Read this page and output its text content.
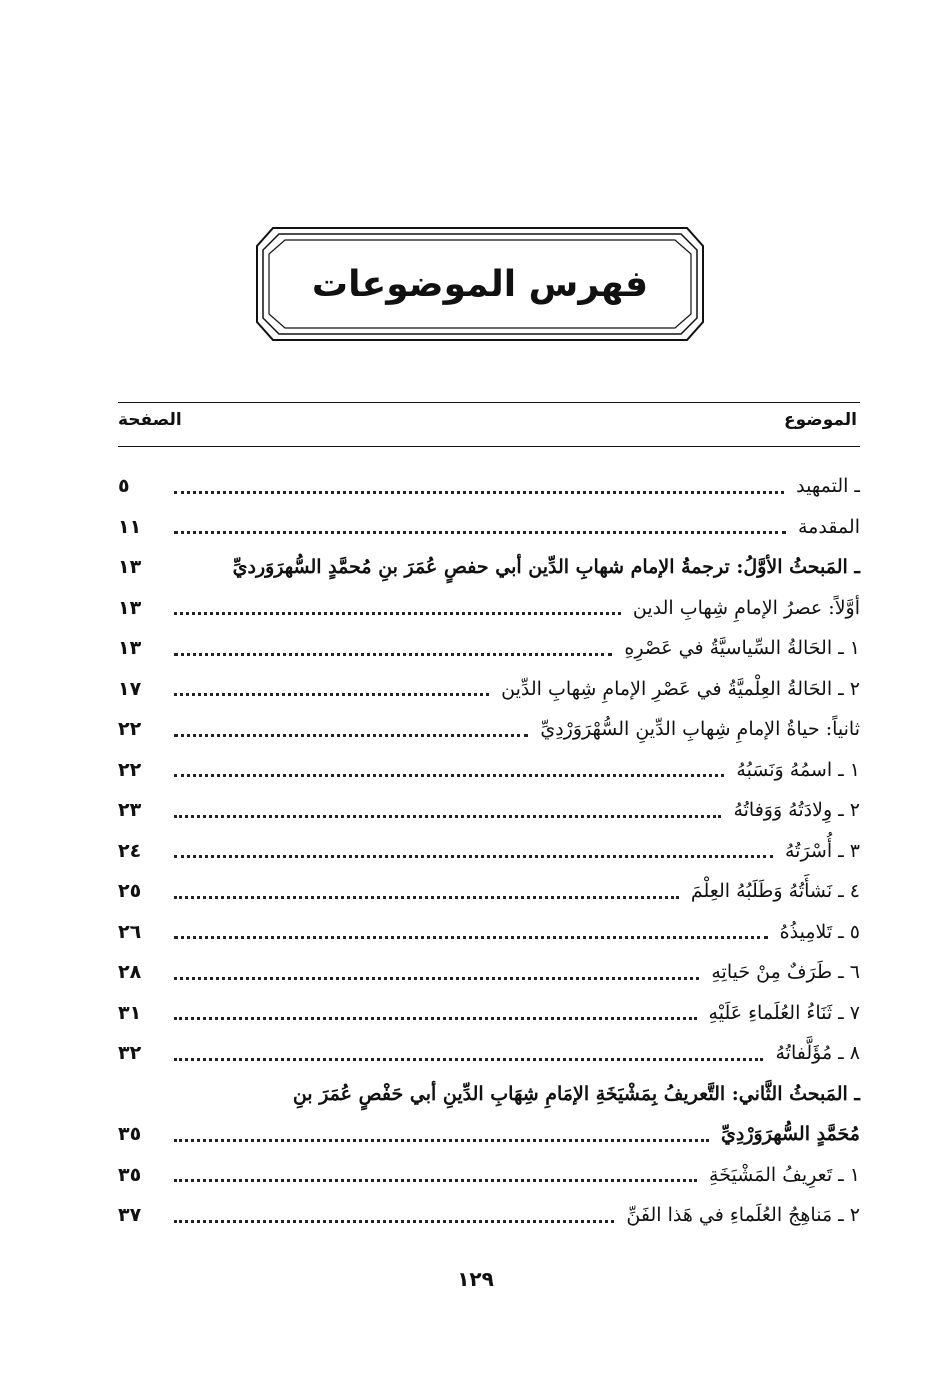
فهرس الموضوعات
الموضوع
الصفحة
ـ التمهيد
٥
المقدمة
١١
ـ المَبحثُ الأوَّلُ: ترجمةُ الإمام شهابِ الدِّين أبي حفصٍ عُمَرَ بنِ مُحمَّدٍ السُّهرَوَرديِّ
١٣
أوَّلاً: عصرُ الإمامِ شِهابِ الدين
١٣
١ ـ الحَالةُ السِّياسيَّةُ في عَصْرِهِ
١٣
٢ ـ الحَالةُ العِلْميَّةُ في عَصْرِ الإمامِ شِهابِ الدِّين
١٧
ثانياً: حياةُ الإمامِ شِهابِ الدِّينِ السُّهْرَوَرْدِيِّ
٢٢
١ ـ اسمُهُ وَنَسَبُهُ
٢٢
٢ ـ وِلادَتُهُ وَوَفاتُهُ
٢٣
٣ ـ أُسْرَتُهُ
٢٤
٤ ـ نَشأَتُهُ وَطَلَبُهُ العِلْمَ
٢٥
٥ ـ تَلامِيذُهُ
٢٦
٦ ـ طَرَفٌ مِنْ حَياتِهِ
٢٨
٧ ـ ثَنَاءُ العُلَماءِ عَلَيْهِ
٣١
٨ ـ مُؤَلَّفاتُهُ
٣٢
ـ المَبحثُ الثَّاني: التَّعريفُ بِمَشْيَخَةِ الإمَامِ شِهَابِ الدِّينِ أبي حَفْصٍ عُمَرَ بنِ
مُحَمَّدٍ السُّهرَوَرْدِيِّ
٣٥
١ ـ تَعرِيفُ المَشْيَخَةِ
٣٥
٢ ـ مَناهِجُ العُلَماءِ في هَذا الفَنِّ
٣٧
١٢٩
